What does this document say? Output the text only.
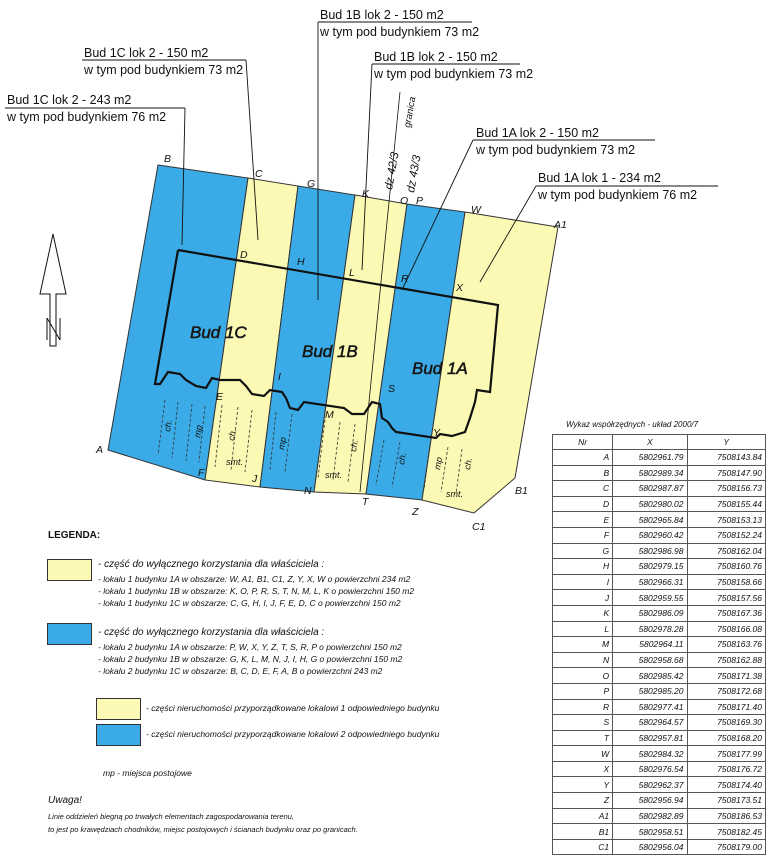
Bud 1B lok 2 - 150 m2
w tym pod budynkiem 73 m2
Bud 1C lok 2 - 150 m2
w tym pod budynkiem 73 m2
Bud 1B lok 2 - 150 m2
w tym pod budynkiem 73 m2
Bud 1C lok 2 - 243 m2
w tym pod budynkiem 76 m2
Bud 1A lok 2 - 150 m2
w tym pod budynkiem 73 m2
Bud 1A lok 1 - 234 m2
w tym pod budynkiem 76 m2
granica
dz 42/3 dz 43/3
Bud 1C
Bud 1B
Bud 1A
A
B
C
D
E
F
G
H
I
J
K
L
M
N
O P
R
S
T
W
X
Y
Z
A1
B1
C1
ch. mp ch.
smt.
mp
smt.
ch.
ch.	mp ch.
smt.
LEGENDA:
- część do wyłącznego korzystania dla właściciela :
- lokalu 1 budynku 1A w obszarze: W, A1, B1, C1, Z, Y, X, W o powierzchni 234 m2
- lokalu 1 budynku 1B w obszarze: K, O, P, R, S, T, N, M, L, K o powierzchni 150 m2
- lokalu 1 budynku 1C w obszarze: C, G, H, I, J, F, E, D, C o powierzchni 150 m2
- część do wyłącznego korzystania dla właściciela :
- lokalu 2 budynku 1A w obszarze: P, W, X, Y, Z, T, S, R, P o powierzchni 150 m2
- lokalu 2 budynku 1B w obszarze: G, K, L, M, N, J, I, H, G o powierzchni 150 m2
- lokalu 2 budynku 1C w obszarze: B, C, D, E, F, A, B o powierzchni 243 m2
- części nieruchomości przyporządkowane lokalowi 1 odpowiedniego budynku
- części nieruchomości przyporządkowane lokalowi 2 odpowiedniego budynku
mp - miejsca postojowe
Uwaga!
Linie oddzieleń biegną po trwałych elementach zagospodarowania terenu,
to jest po krawędziach chodników, miejsc postojowych i ścianach budynku oraz po granicach.
Wykaz współrzędnych - układ 2000/7
Nr	X	Y
A	5802961.79	7508143.84
B	5802989.34	7508147.90
C	5802987.87	7508156.73
D	5802980.02	7508155.44
E	5802965.84	7508153.13
F	5802960.42	7508152.24
G	5802986.98	7508162.04
H	5802979.15	7508160.76
I	5802966.31	7508158.66
J	5802959.55	7508157.56
K	5802986.09	7508167.36
L	5802978.28	7508166.08
M	5802964.11	7508163.76
N	5802958.68	7508162.88
O	5802985.42	7508171.38
P	5802985.20	7508172.68
R	5802977.41	7508171.40
S	5802964.57	7508169.30
T	5802957.81	7508168.20
W	5802984.32	7508177.99
X	5802976.54	7508176.72
Y	5802962.37	7508174.40
Z	5802956.94	7508173.51
A1	5802982.89	7508186.53
B1	5802958.51	7508182.45
C1	5802956.04	7508179.00
